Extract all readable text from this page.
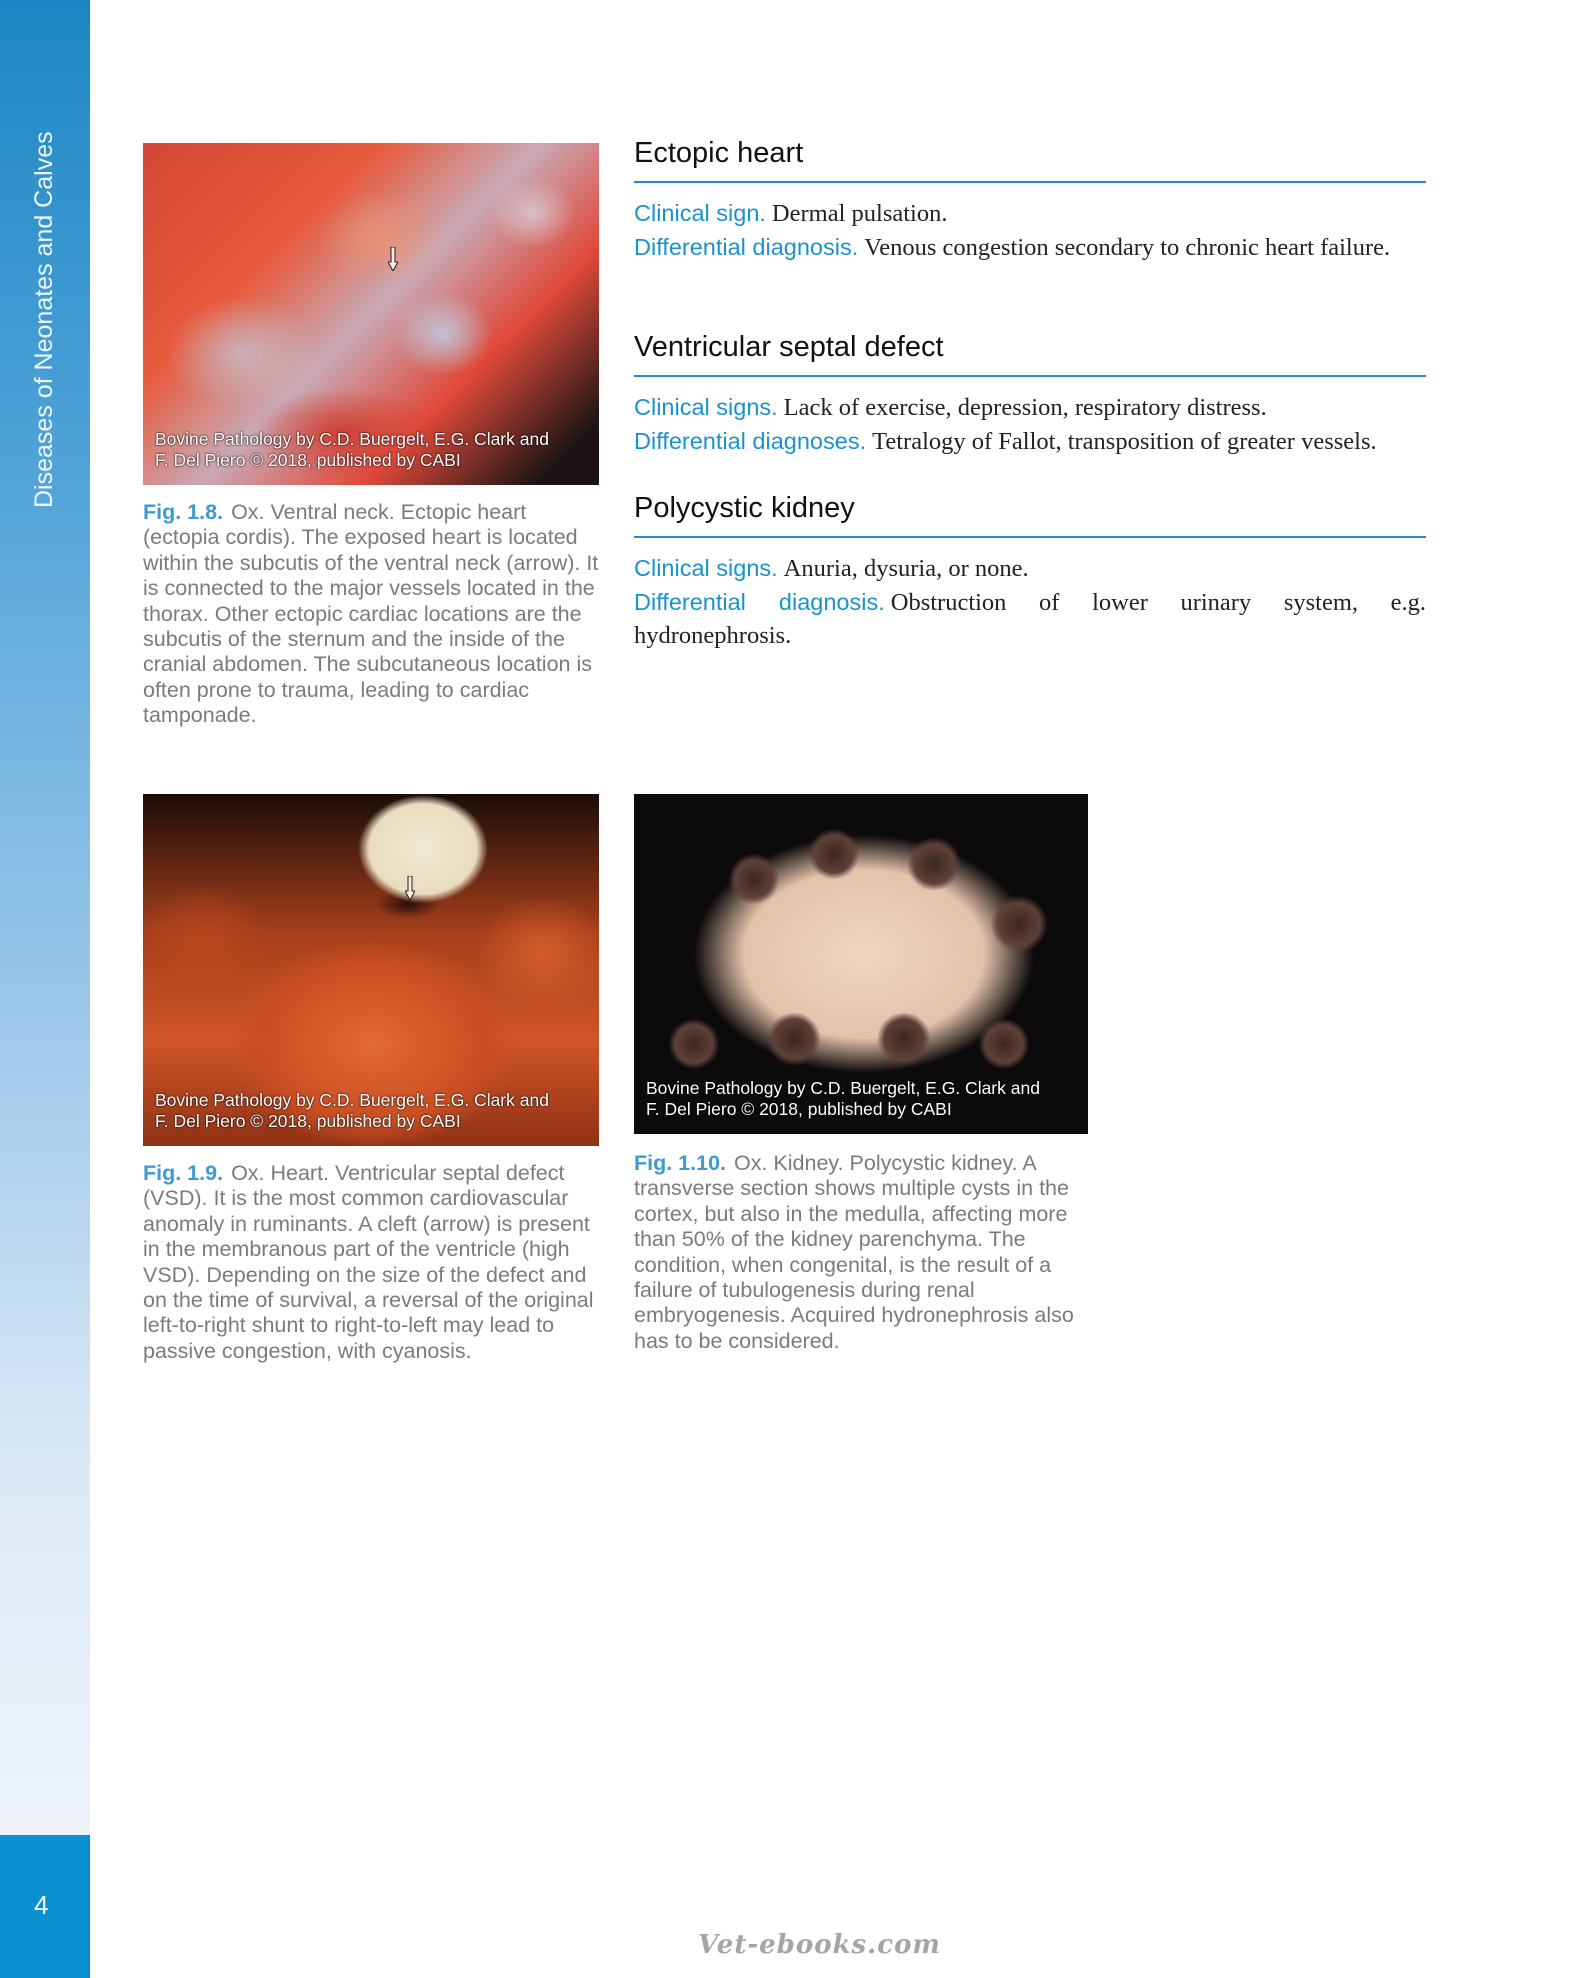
Diseases of Neonates and Calves
4
Bovine Pathology by C.D. Buergelt, E.G. Clark and
F. Del Piero © 2018, published by CABI
Fig. 1.8. Ox. Ventral neck. Ectopic heart (ectopia cordis). The exposed heart is located within the subcutis of the ventral neck (arrow). It is connected to the major vessels located in the thorax. Other ectopic cardiac locations are the subcutis of the sternum and the inside of the cranial abdomen. The subcutaneous location is often prone to trauma, leading to cardiac tamponade.
Ectopic heart

Clinical sign. Dermal pulsation.

Differential diagnosis. Venous congestion secondary to chronic heart failure.

Ventricular septal defect

Clinical signs. Lack of exercise, depression, respiratory distress.

Differential diagnoses. Tetralogy of Fallot, transposition of greater vessels.

Polycystic kidney

Clinical signs. Anuria, dysuria, or none.

Differential diagnosis. Obstruction of lower urinary system, e.g. hydronephrosis.

Bovine Pathology by C.D. Buergelt, E.G. Clark and
F. Del Piero © 2018, published by CABI
Fig. 1.9. Ox. Heart. Ventricular septal defect (VSD). It is the most common cardiovascular anomaly in ruminants. A cleft (arrow) is present in the membranous part of the ventricle (high VSD). Depending on the size of the defect and on the time of survival, a reversal of the original left-to-right shunt to right-to-left may lead to passive congestion, with cyanosis.
Bovine Pathology by C.D. Buergelt, E.G. Clark and
F. Del Piero © 2018, published by CABI
Fig. 1.10. Ox. Kidney. Polycystic kidney. A transverse section shows multiple cysts in the cortex, but also in the medulla, affecting more than 50% of the kidney parenchyma. The condition, when congenital, is the result of a failure of tubulogenesis during renal embryogenesis. Acquired hydronephrosis also has to be considered.
Vet-ebooks.com
